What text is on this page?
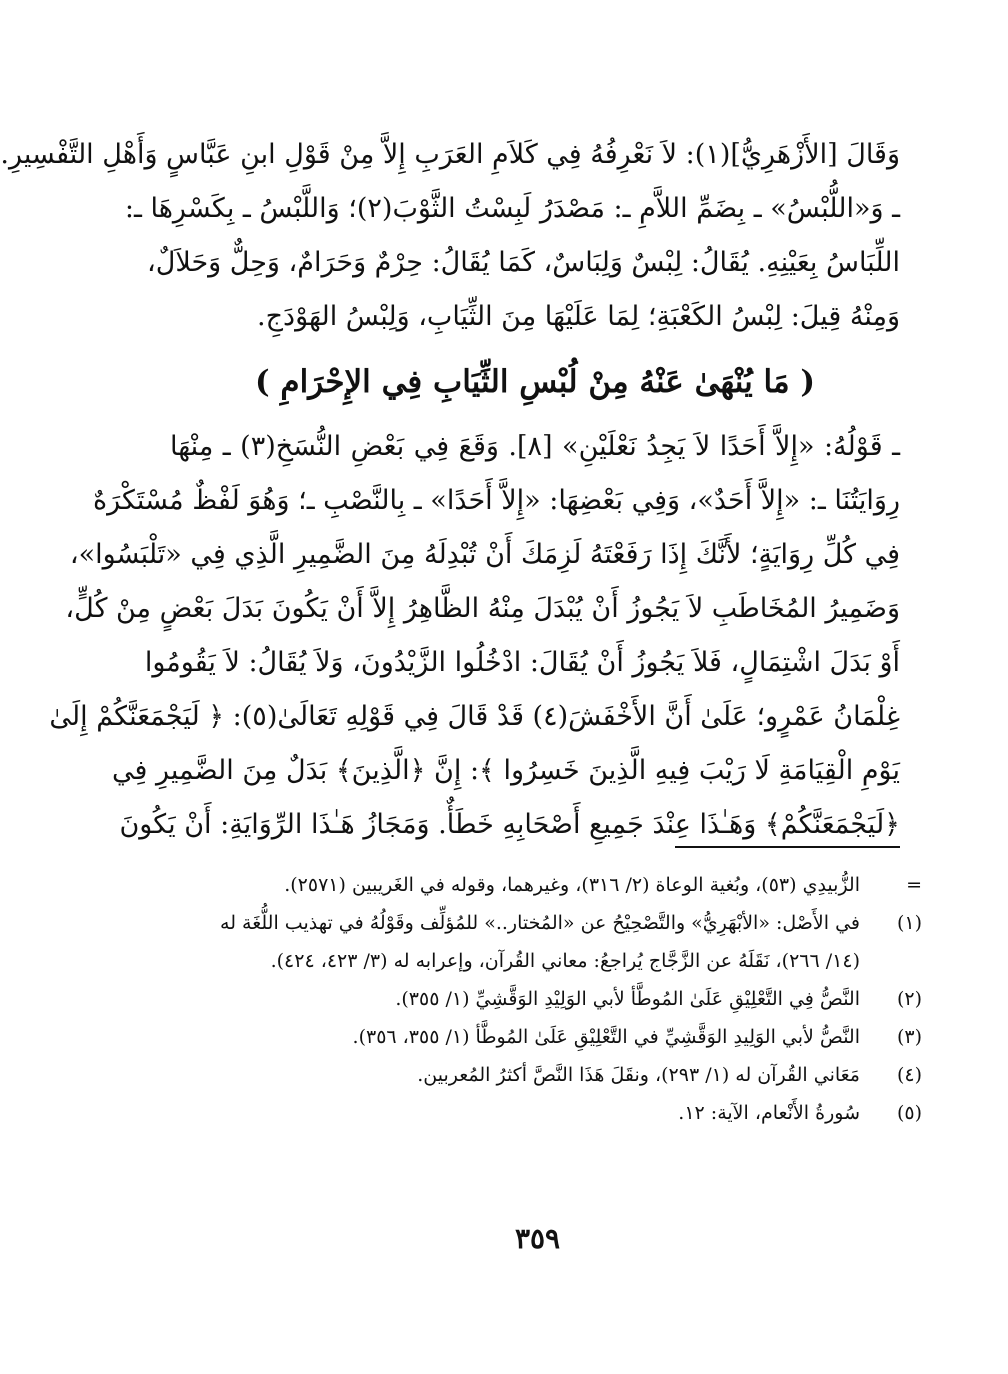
وَقَالَ [الأَزْهَرِيُّ](١): لاَ نَعْرِفُهُ فِي كَلاَمِ العَرَبِ إِلاَّ مِنْ قَوْلِ ابنِ عَبَّاسٍ وَأَهْلِ التَّفْسِيرِ.
ـ وَ«اللُّبْسُ» ـ بِضَمِّ اللاَّمِ ـ: مَصْدَرُ لَبِسْتُ الثَّوْبَ(٢)؛ وَاللَّبْسُ ـ بِكَسْرِهَا ـ:
اللِّبَاسُ بِعَيْنِهِ. يُقَالُ: لِبْسٌ وَلِبَاسٌ، كَمَا يُقَالُ: حِرْمٌ وَحَرَامٌ، وَحِلٌّ وَحَلاَلٌ،
وَمِنْهُ قِيلَ: لِبْسُ الكَعْبَةِ؛ لِمَا عَلَيْهَا مِنَ الثِّيَابِ، وَلِبْسُ الهَوْدَجِ.
( مَا يُنْهَىٰ عَنْهُ مِنْ لُبْسِ الثِّيَابِ فِي الإِحْرَامِ )
ـ قَوْلُهُ: «إِلاَّ أَحَدًا لاَ يَجِدُ نَعْلَيْنِ» [٨]. وَقَعَ فِي بَعْضِ النُّسَخِ(٣) ـ مِنْهَا
رِوَايَتُنَا ـ: «إِلاَّ أَحَدٌ»، وَفِي بَعْضِهَا: «إِلاَّ أَحَدًا» ـ بِالنَّصْبِ ـ؛ وَهُوَ لَفْظٌ مُسْتَكْرَهٌ
فِي كُلِّ رِوَايَةٍ؛ لأَنَّكَ إِذَا رَفَعْتَهُ لَزِمَكَ أَنْ تُبْدِلَهُ مِنَ الضَّمِيرِ الَّذِي فِي «تَلْبَسُوا»،
وَضَمِيرُ المُخَاطَبِ لاَ يَجُوزُ أَنْ يُبْدَلَ مِنْهُ الظَّاهِرُ إِلاَّ أَنْ يَكُونَ بَدَلَ بَعْضٍ مِنْ كُلٍّ،
أَوْ بَدَلَ اشْتِمَالٍ، فَلاَ يَجُوزُ أَنْ يُقَالَ: ادْخُلُوا الزَّيْدُونَ، وَلاَ يُقَالُ: لاَ يَقُومُوا
غِلْمَانُ عَمْرٍو؛ عَلَىٰ أَنَّ الأَخْفَشَ(٤) قَدْ قَالَ فِي قَوْلِهِ تَعَالَىٰ(٥): ﴿ لَيَجْمَعَنَّكُمْ إِلَىٰ
يَوْمِ الْقِيَامَةِ لَا رَيْبَ فِيهِ الَّذِينَ خَسِرُوا ﴾: إِنَّ ﴿الَّذِينَ﴾ بَدَلٌ مِنَ الضَّمِيرِ فِي
﴿لَيَجْمَعَنَّكُمْ﴾ وَهَـٰذَا عِنْدَ جَمِيعِ أَصْحَابِهِ خَطَأٌ. وَمَجَازُ هَـٰذَا الرِّوَايَةِ: أَنْ يَكُونَ
=
الزُّبيدِي (٥٣)، وبُغية الوعاة (٢/ ٣١٦)، وغيرهما، وقوله في الغَريبين (٢٥٧١).
(١)
في الأَصْل: «الأبْهَرِيُّ» والتَّصْحِيْحُ عن «المُختار..» للمُؤلِّف وقَوْلُهُ في تهذيب اللُّغَة له
(١٤/ ٢٦٦)، نَقَلَهُ عن الزَّجَّاج يُراجعُ: معاني القُرآن، وإعرابه له (٣/ ٤٢٣، ٤٢٤).
(٢)
النَّصُّ فِي التَّعْلِيْقِ عَلَىٰ المُوطَّأ لأبي الوَلِيْدِ الوَقَّشِيِّ (١/ ٣٥٥).
(٣)
النَّصُّ لأبي الوَلِيدِ الوَقَّشِيِّ في التَّعْلِيْقِ عَلَىٰ المُوطَّأ (١/ ٣٥٥، ٣٥٦).
(٤)
مَعَاني القُرآن له (١/ ٢٩٣)، ونقَلَ هَذَا النَّصَّ أكثرُ المُعربين.
(٥)
سُورةُ الأَنْعام، الآية: ١٢.
٣٥٩
